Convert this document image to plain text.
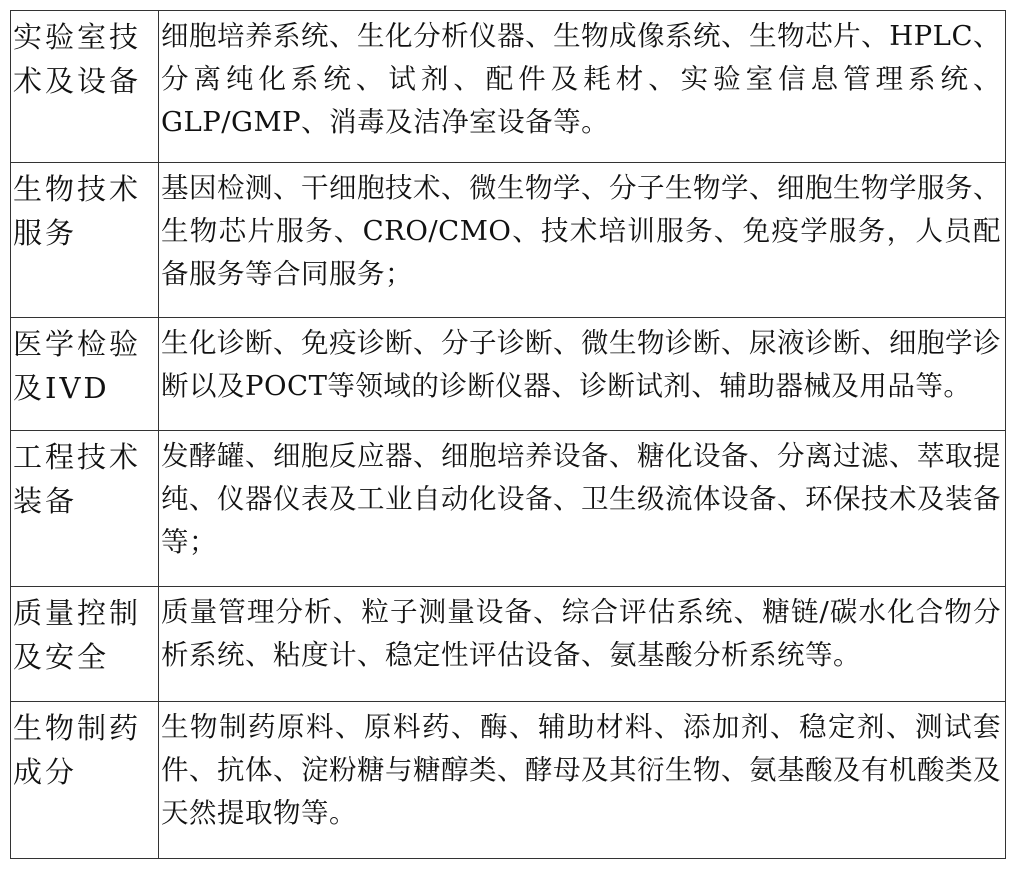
实验室技术及设备	细胞培养系统、生化分析仪器、生物成像系统、生物芯片、HPLC、分离纯化系统、试剂、配件及耗材、实验室信息管理系统、GLP/GMP、消毒及洁净室设备等。
生物技术服务	基因检测、干细胞技术、微生物学、分子生物学、细胞生物学服务、生物芯片服务、CRO/CMO、技术培训服务、免疫学服务，人员配备服务等合同服务；
医学检验及IVD	生化诊断、免疫诊断、分子诊断、微生物诊断、尿液诊断、细胞学诊断以及POCT等领域的诊断仪器、诊断试剂、辅助器械及用品等。
工程技术装备	发酵罐、细胞反应器、细胞培养设备、糖化设备、分离过滤、萃取提纯、仪器仪表及工业自动化设备、卫生级流体设备、环保技术及装备等；
质量控制及安全	质量管理分析、粒子测量设备、综合评估系统、糖链/碳水化合物分析系统、粘度计、稳定性评估设备、氨基酸分析系统等。
生物制药成分	生物制药原料、原料药、酶、辅助材料、添加剂、稳定剂、测试套件、抗体、淀粉糖与糖醇类、酵母及其衍生物、氨基酸及有机酸类及天然提取物等。
